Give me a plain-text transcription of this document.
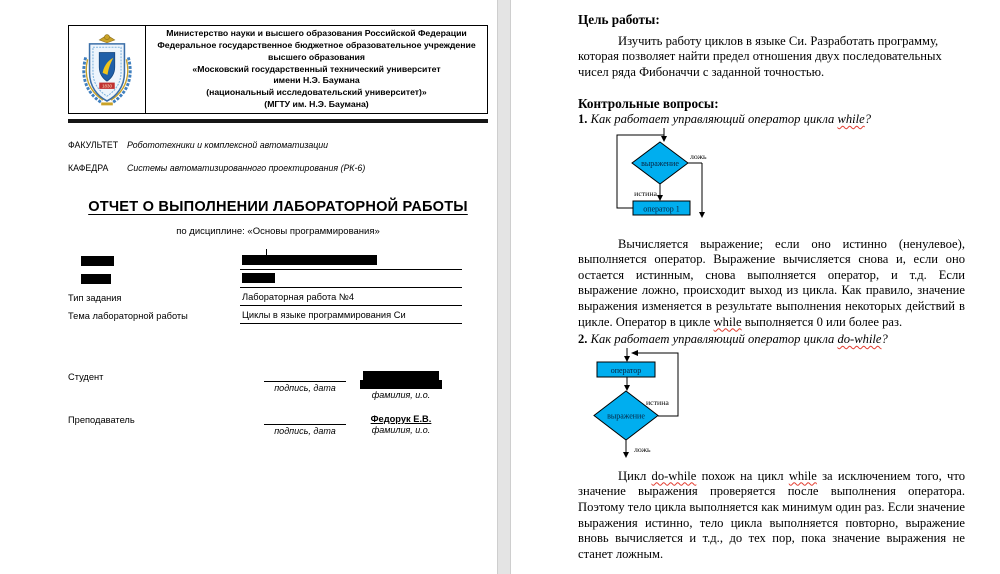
1830
Министерство науки и высшего образования Российской Федерации
Федеральное государственное бюджетное образовательное учреждение
высшего образования
«Московский государственный технический университет
имени Н.Э. Баумана
(национальный исследовательский университет)»
(МГТУ им. Н.Э. Баумана)
ФАКУЛЬТЕТ	Робототехники и комплексной автоматизации
КАФЕДРА	Системы автоматизированного проектирования (РК-6)
ОТЧЕТ О ВЫПОЛНЕНИИ ЛАБОРАТОРНОЙ РАБОТЫ
по дисциплине: «Основы программирования»
Тип задания	Лабораторная работа №4
Тема лабораторной работы	Циклы в языке программирования Си
Студент
подпись, дата
фамилия, и.о.
Преподаватель
подпись, дата
Федорук Е.В.
фамилия, и.о.

Цель работы:

Изучить работу циклов в языке Си. Разработать программу, которая позволяет найти предел отношения двух последовательных чисел ряда Фибоначчи с заданной точностью.

Контрольные вопросы:

1. Как работает управляющий оператор цикла while?

выражение
оператор 1
истина
ложь

Вычисляется выражение; если оно истинно (ненулевое), выполняется оператор. Выражение вычисляется снова и, если оно остается истинным, снова выполняется оператор, и т.д. Если выражение ложно, происходит выход из цикла. Как правило, значение выражения изменяется в результате выполнения некоторых действий в цикле. Оператор в цикле while выполняется 0 или более раз.

2. Как работает управляющий оператор цикла do-while?

оператор
выражение
истина
ложь

Цикл do-while похож на цикл while за исключением того, что значение выражения проверяется после выполнения оператора. Поэтому тело цикла выполняется как минимум один раз. Если значение выражения истинно, тело цикла выполняется повторно, выражение вновь вычисляется и т.д., до тех пор, пока значение выражения не станет ложным.
